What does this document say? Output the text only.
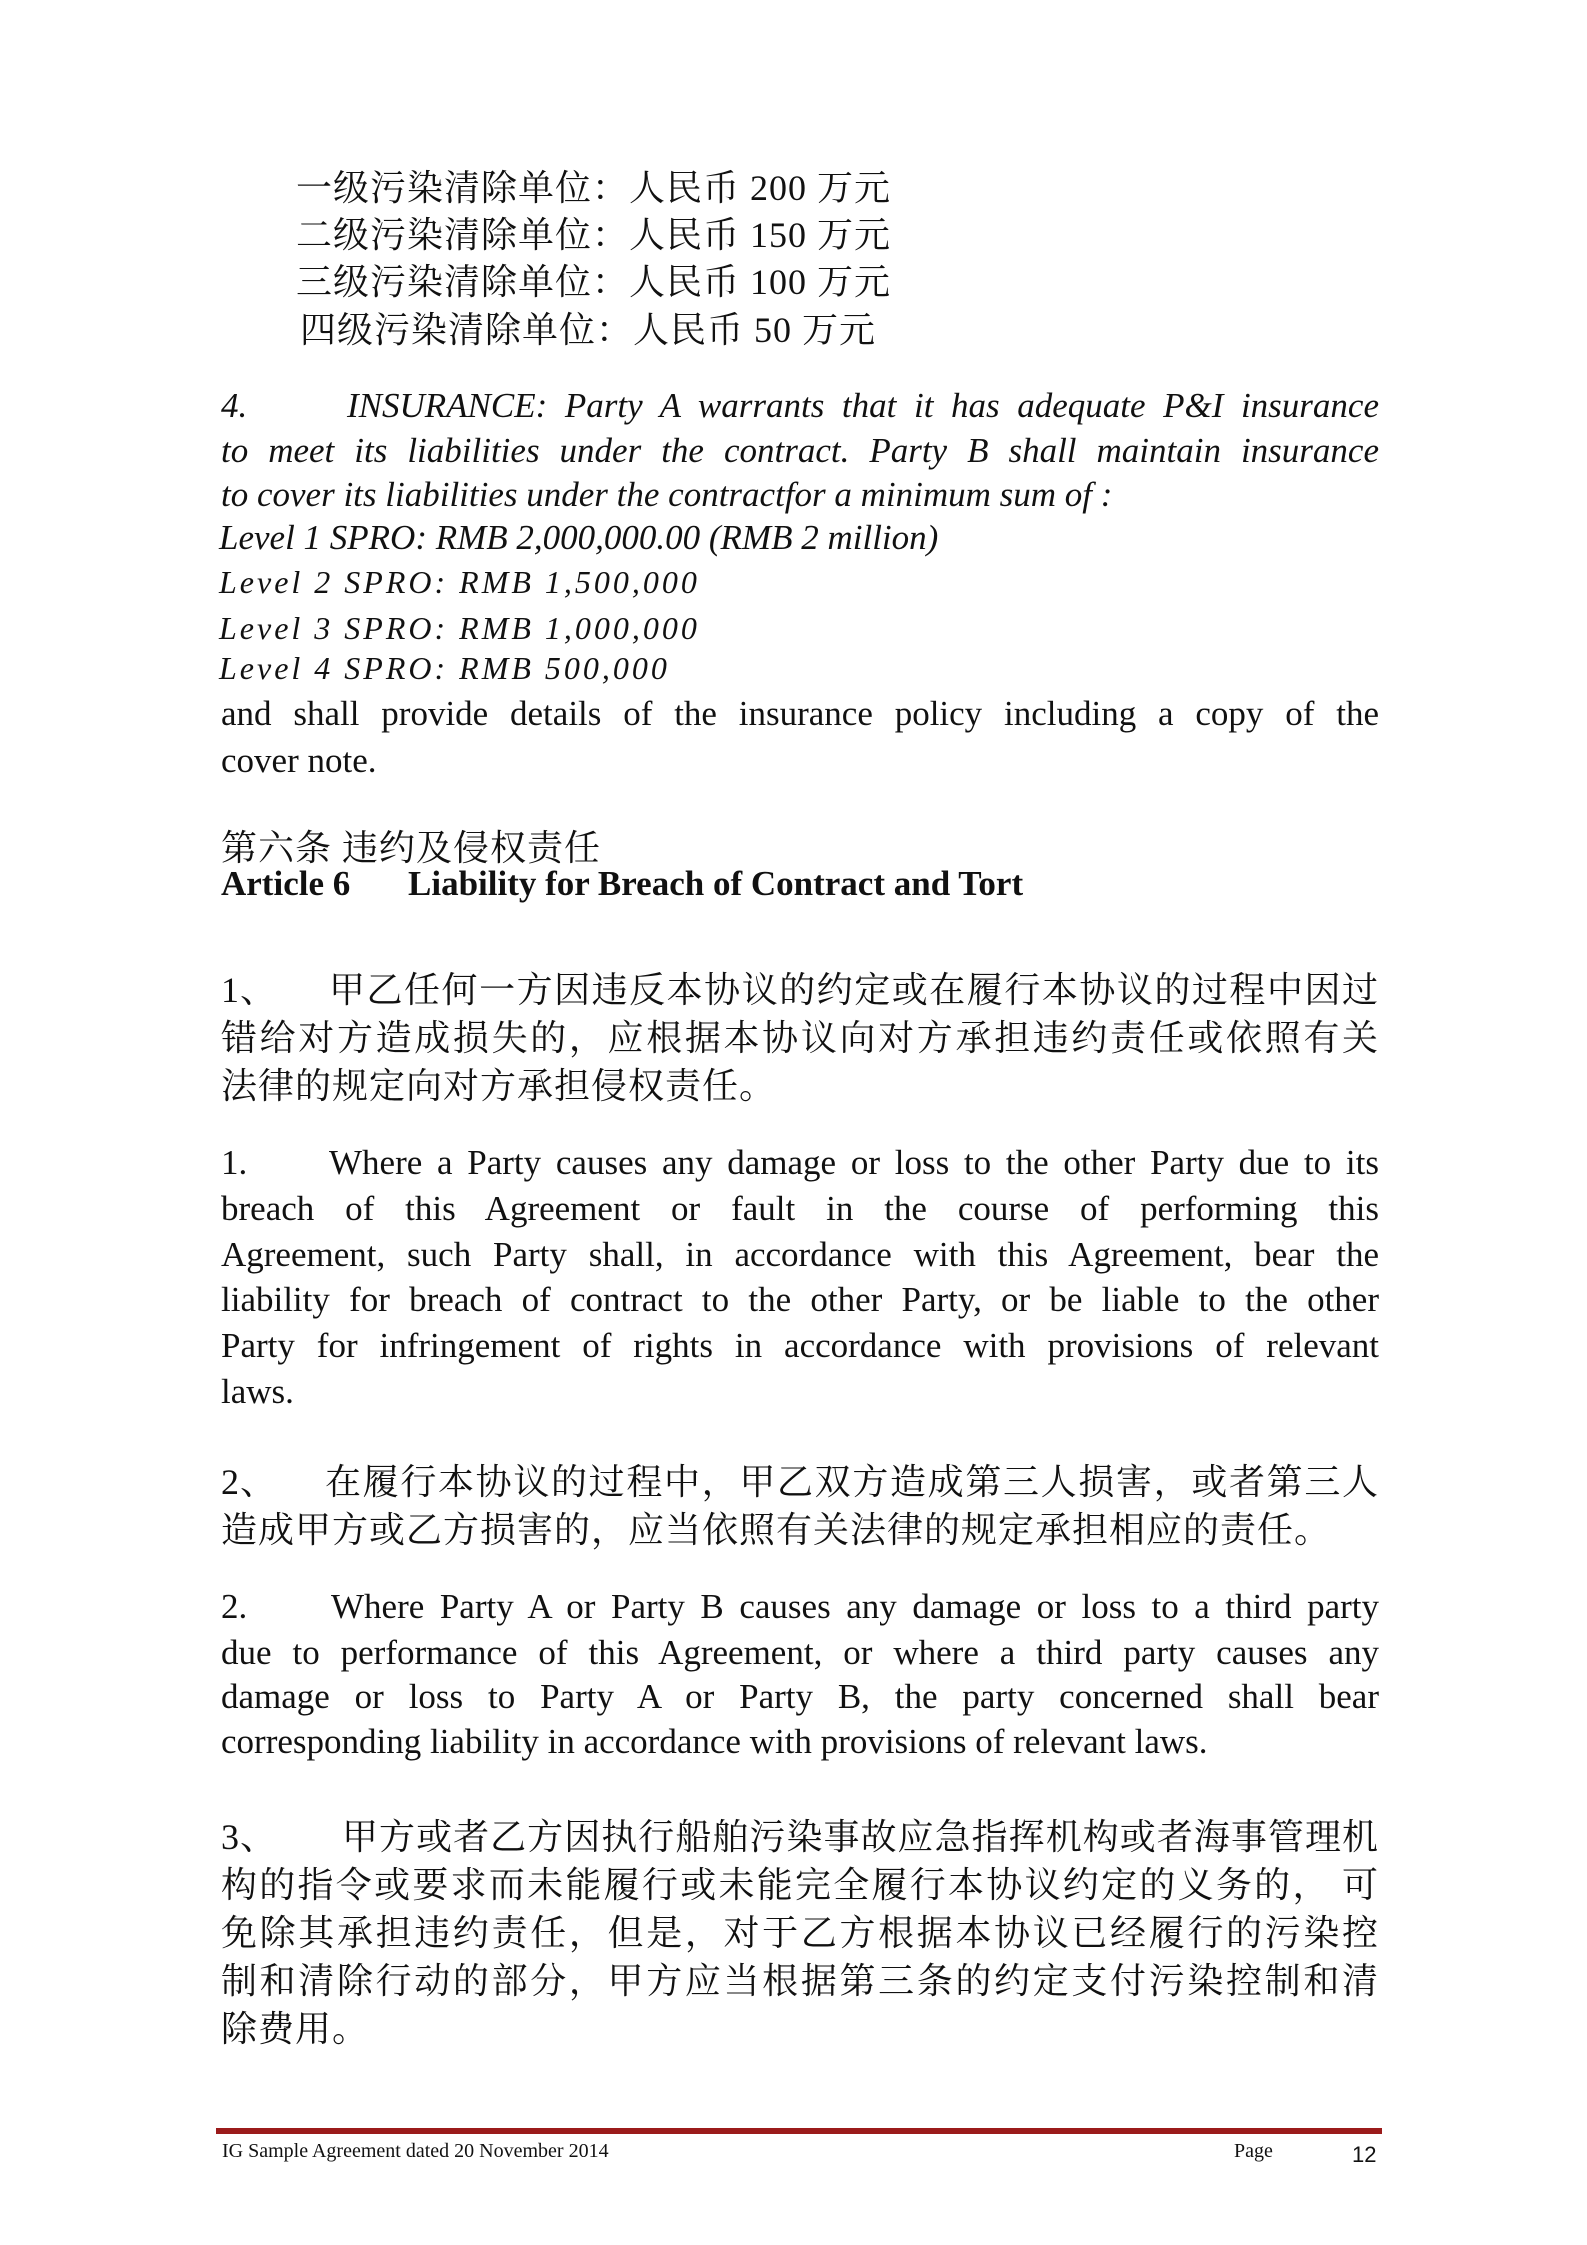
一级污染清除单位：人民币 200 万元

二级污染清除单位：人民币 150 万元

三级污染清除单位：人民币 100 万元

四级污染清除单位：人民币 50 万元

4.	INSURANCE: Party A warrants that it has adequate P&I insurance

to meet its liabilities under the contract. Party B shall maintain insurance

to cover its liabilities under the contractfor a minimum sum of :

Level 1 SPRO: RMB 2,000,000.00 (RMB 2 million)

Level 2 SPRO: RMB 1,500,000

Level 3 SPRO: RMB 1,000,000

Level 4 SPRO: RMB 500,000

and shall provide details of the insurance policy including a copy of the

cover note.

第六条 违约及侵权责任

Article 6 Liability for Breach of Contract and Tort

1、 甲乙任何一方因违反本协议的约定或在履行本协议的过程中因过

错给对方造成损失的，应根据本协议向对方承担违约责任或依照有关

法律的规定向对方承担侵权责任。

1. Where a Party causes any damage or loss to the other Party due to its

breach of this Agreement or fault in the course of performing this

Agreement, such Party shall, in accordance with this Agreement, bear the

liability for breach of contract to the other Party, or be liable to the other

Party for infringement of rights in accordance with provisions of relevant

laws.

2、 在履行本协议的过程中，甲乙双方造成第三人损害，或者第三人

造成甲方或乙方损害的，应当依照有关法律的规定承担相应的责任。

2. Where Party A or Party B causes any damage or loss to a third party

due to performance of this Agreement, or where a third party causes any

damage or loss to Party A or Party B, the party concerned shall bear

corresponding liability in accordance with provisions of relevant laws.

3、 甲方或者乙方因执行船舶污染事故应急指挥机构或者海事管理机

构的指令或要求而未能履行或未能完全履行本协议约定的义务的， 可

免除其承担违约责任，但是，对于乙方根据本协议已经履行的污染控

制和清除行动的部分，甲方应当根据第三条的约定支付污染控制和清

除费用。

IG Sample Agreement dated 20 November 2014	Page	12
